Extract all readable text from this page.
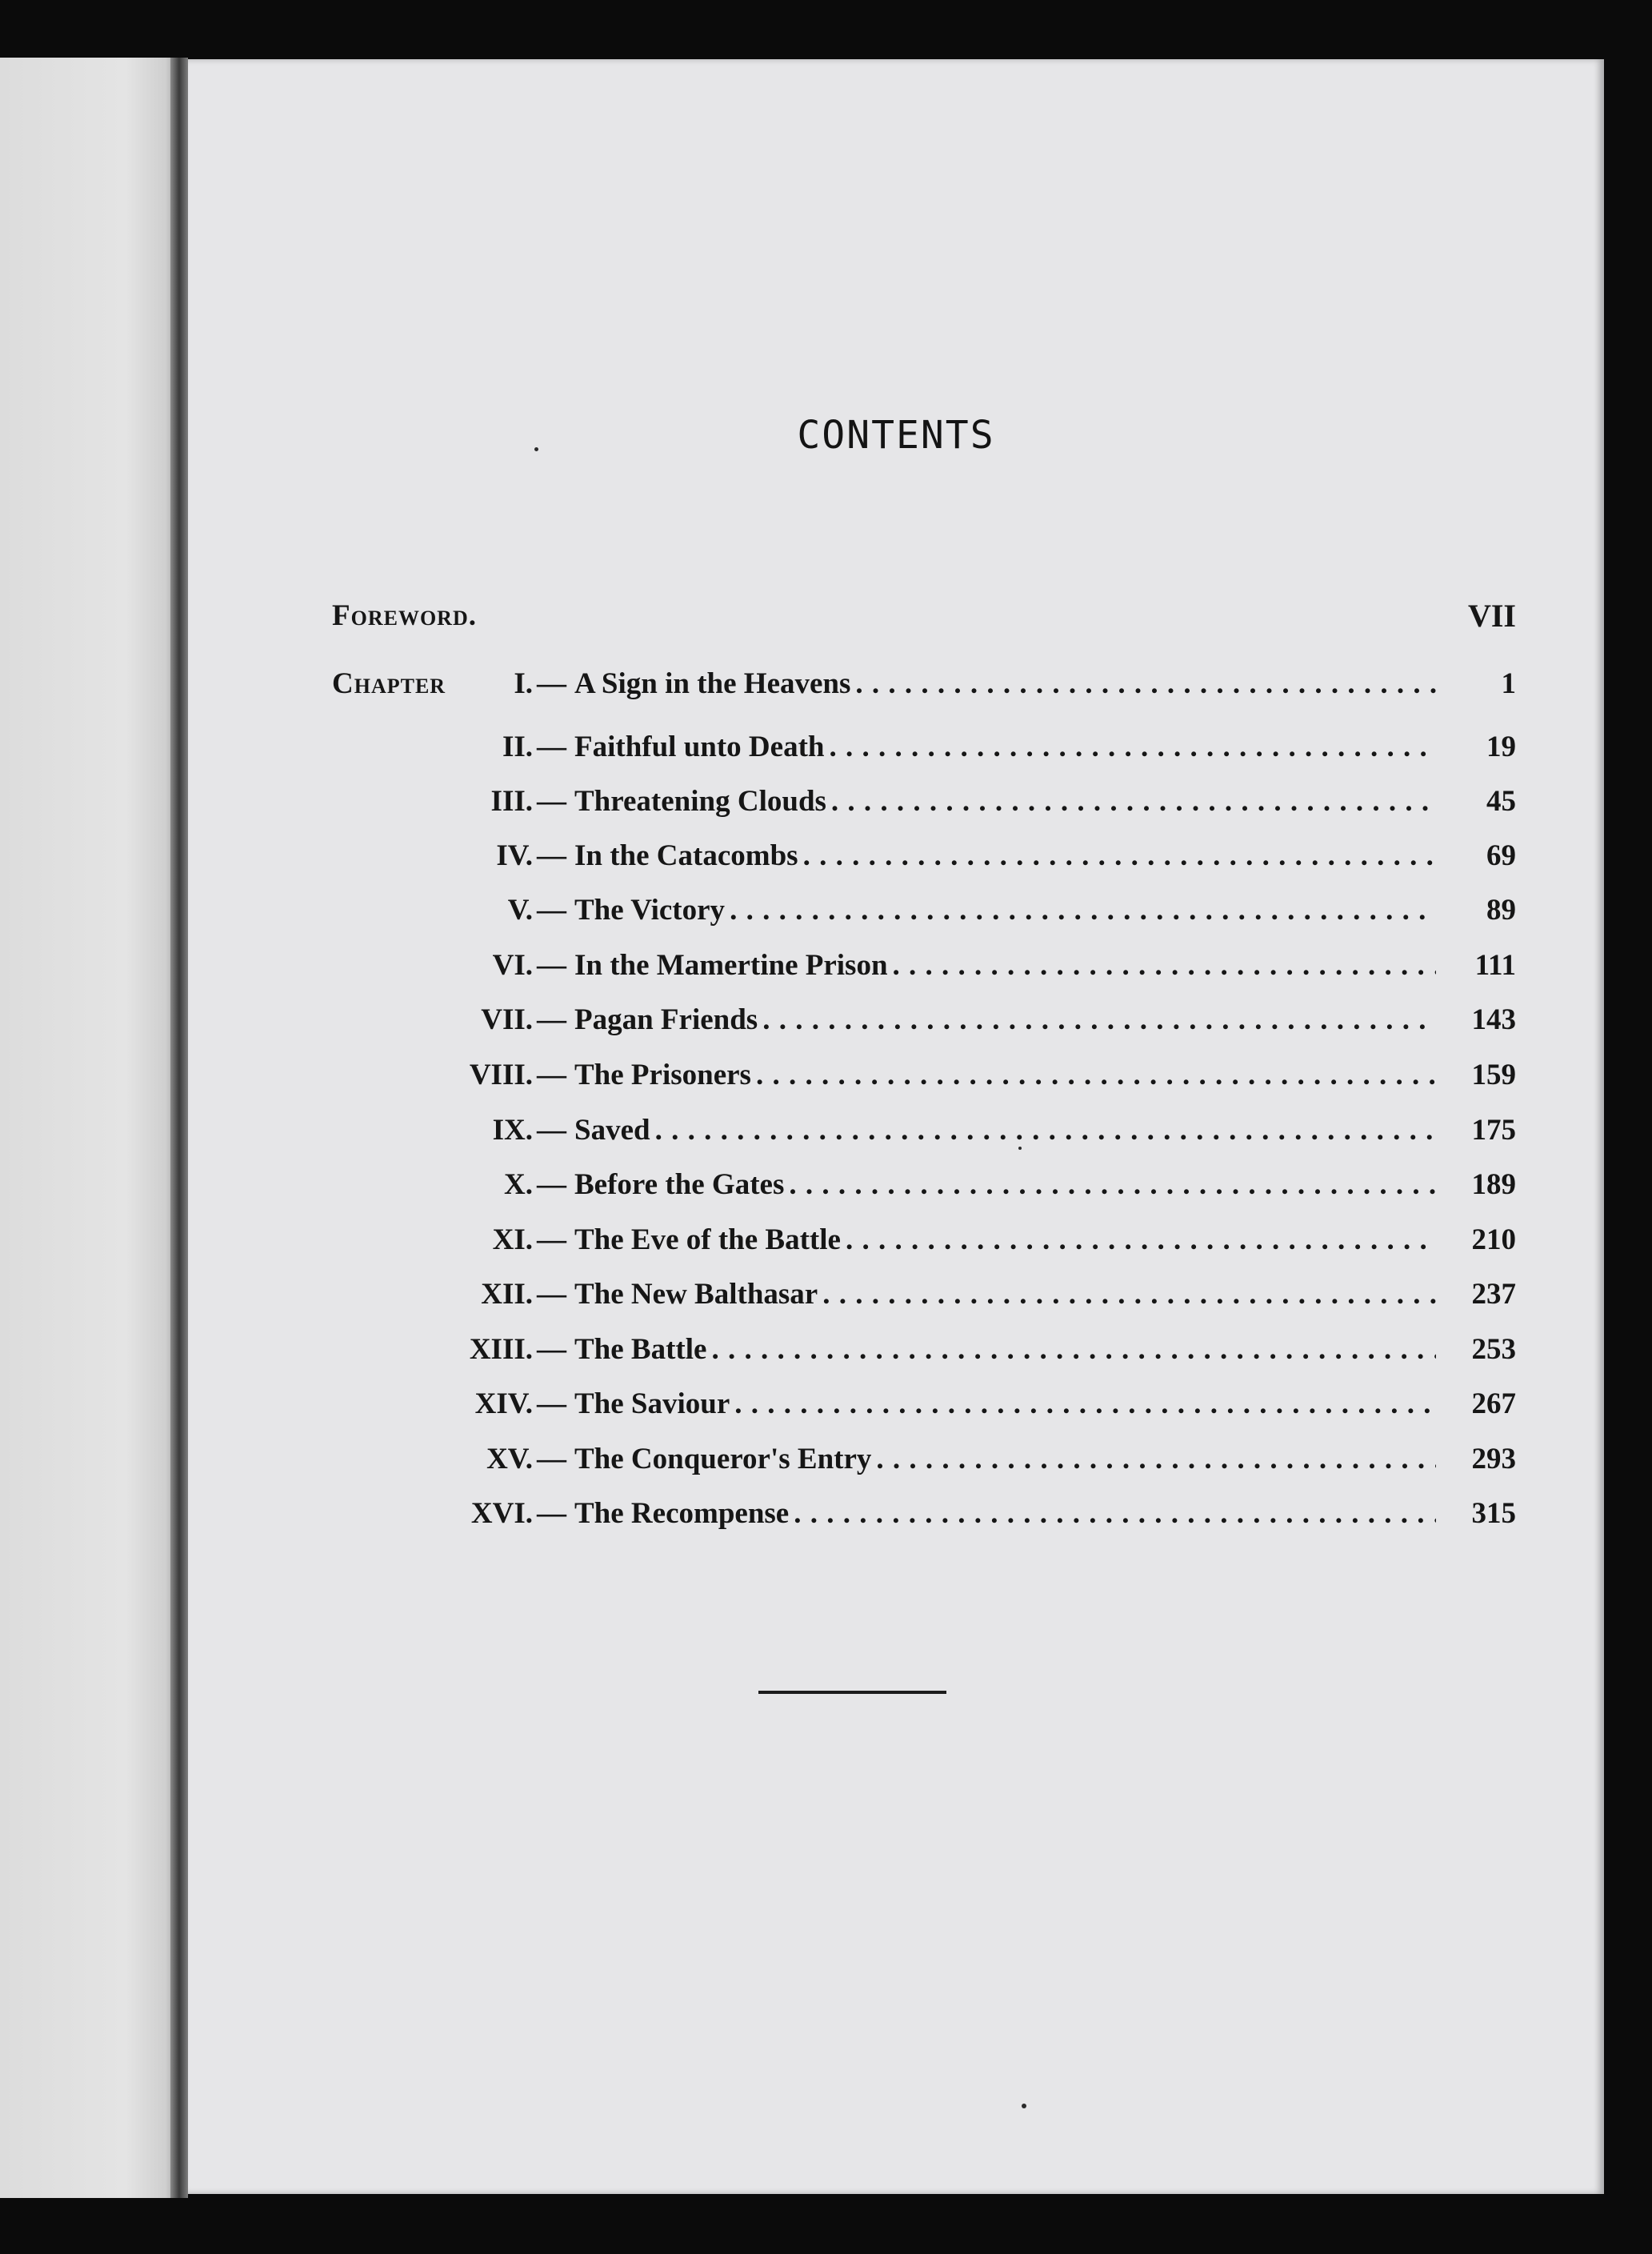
CONTENTS
Foreword.	VII
Chapter I. — A Sign in the Heavens . . .	1
II. — Faithful unto Death . . .	19
III. — Threatening Clouds . . .	45
IV. — In the Catacombs . . .	69
V. — The Victory . . .	89
VI. — In the Mamertine Prison . . .	111
VII. — Pagan Friends . . .	143
VIII. — The Prisoners . . .	159
IX. — Saved . . .	175
X. — Before the Gates . . .	189
XI. — The Eve of the Battle . . .	210
XII. — The New Balthasar . . .	237
XIII. — The Battle . . .	253
XIV. — The Saviour . . .	267
XV. — The Conqueror's Entry . . .	293
XVI. — The Recompense . . .	315
